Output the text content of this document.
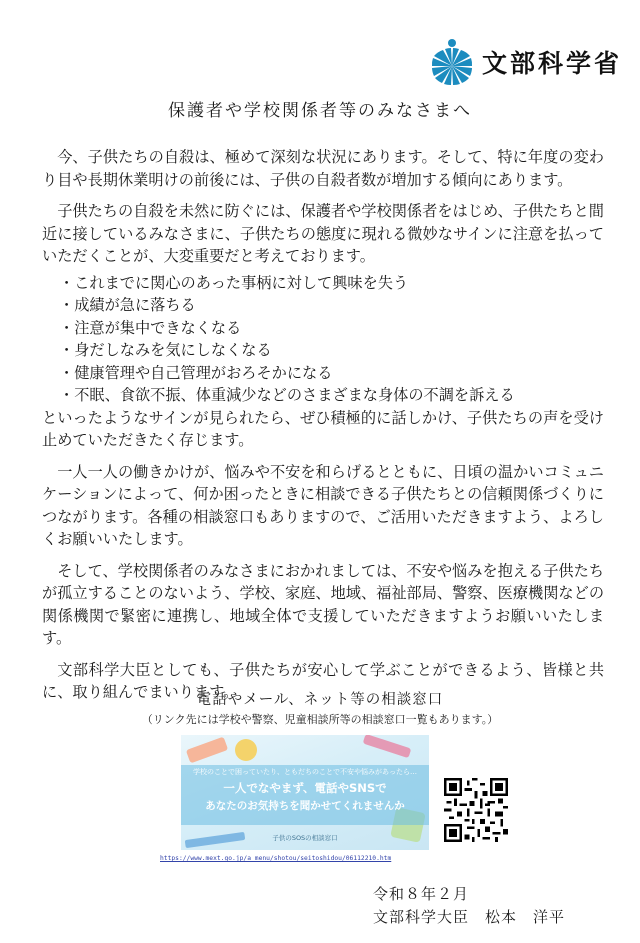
文部科学省
保護者や学校関係者等のみなさまへ

今、子供たちの自殺は、極めて深刻な状況にあります。そして、特に年度の変わり目や長期休業明けの前後には、子供の自殺者数が増加する傾向にあります。

子供たちの自殺を未然に防ぐには、保護者や学校関係者をはじめ、子供たちと間近に接しているみなさまに、子供たちの態度に現れる微妙なサインに注意を払っていただくことが、大変重要だと考えております。

・ これまでに関心のあった事柄に対して興味を失う
・ 成績が急に落ちる
・ 注意が集中できなくなる
・ 身だしなみを気にしなくなる
・ 健康管理や自己管理がおろそかになる
・ 不眠、食欲不振、体重減少などのさまざまな身体の不調を訴える

といったようなサインが見られたら、ぜひ積極的に話しかけ、子供たちの声を受け止めていただきたく存じます。

一人一人の働きかけが、悩みや不安を和らげるとともに、日頃の温かいコミュニケーションによって、何か困ったときに相談できる子供たちとの信頼関係づくりにつながります。各種の相談窓口もありますので、ご活用いただきますよう、よろしくお願いいたします。

そして、学校関係者のみなさまにおかれましては、不安や悩みを抱える子供たちが孤立することのないよう、学校、家庭、地域、福祉部局、警察、医療機関などの関係機関で緊密に連携し、地域全体で支援していただきますようお願いいたします。

文部科学大臣としても、子供たちが安心して学ぶことができるよう、皆様と共に、取り組んでまいります。

電話やメール、ネット等の相談窓口
（リンク先には学校や警察、児童相談所等の相談窓口一覧もあります。）
学校のことで困っていたり、ともだちのことで不安や悩みがあったら…
一人でなやまず、電話やSNSで
あなたのお気持ちを聞かせてくれませんか
子供のSOSの相談窓口
https://www.mext.go.jp/a_menu/shotou/seitoshidou/06112210.htm
令和８年２月
文部科学大臣　松本　洋平
